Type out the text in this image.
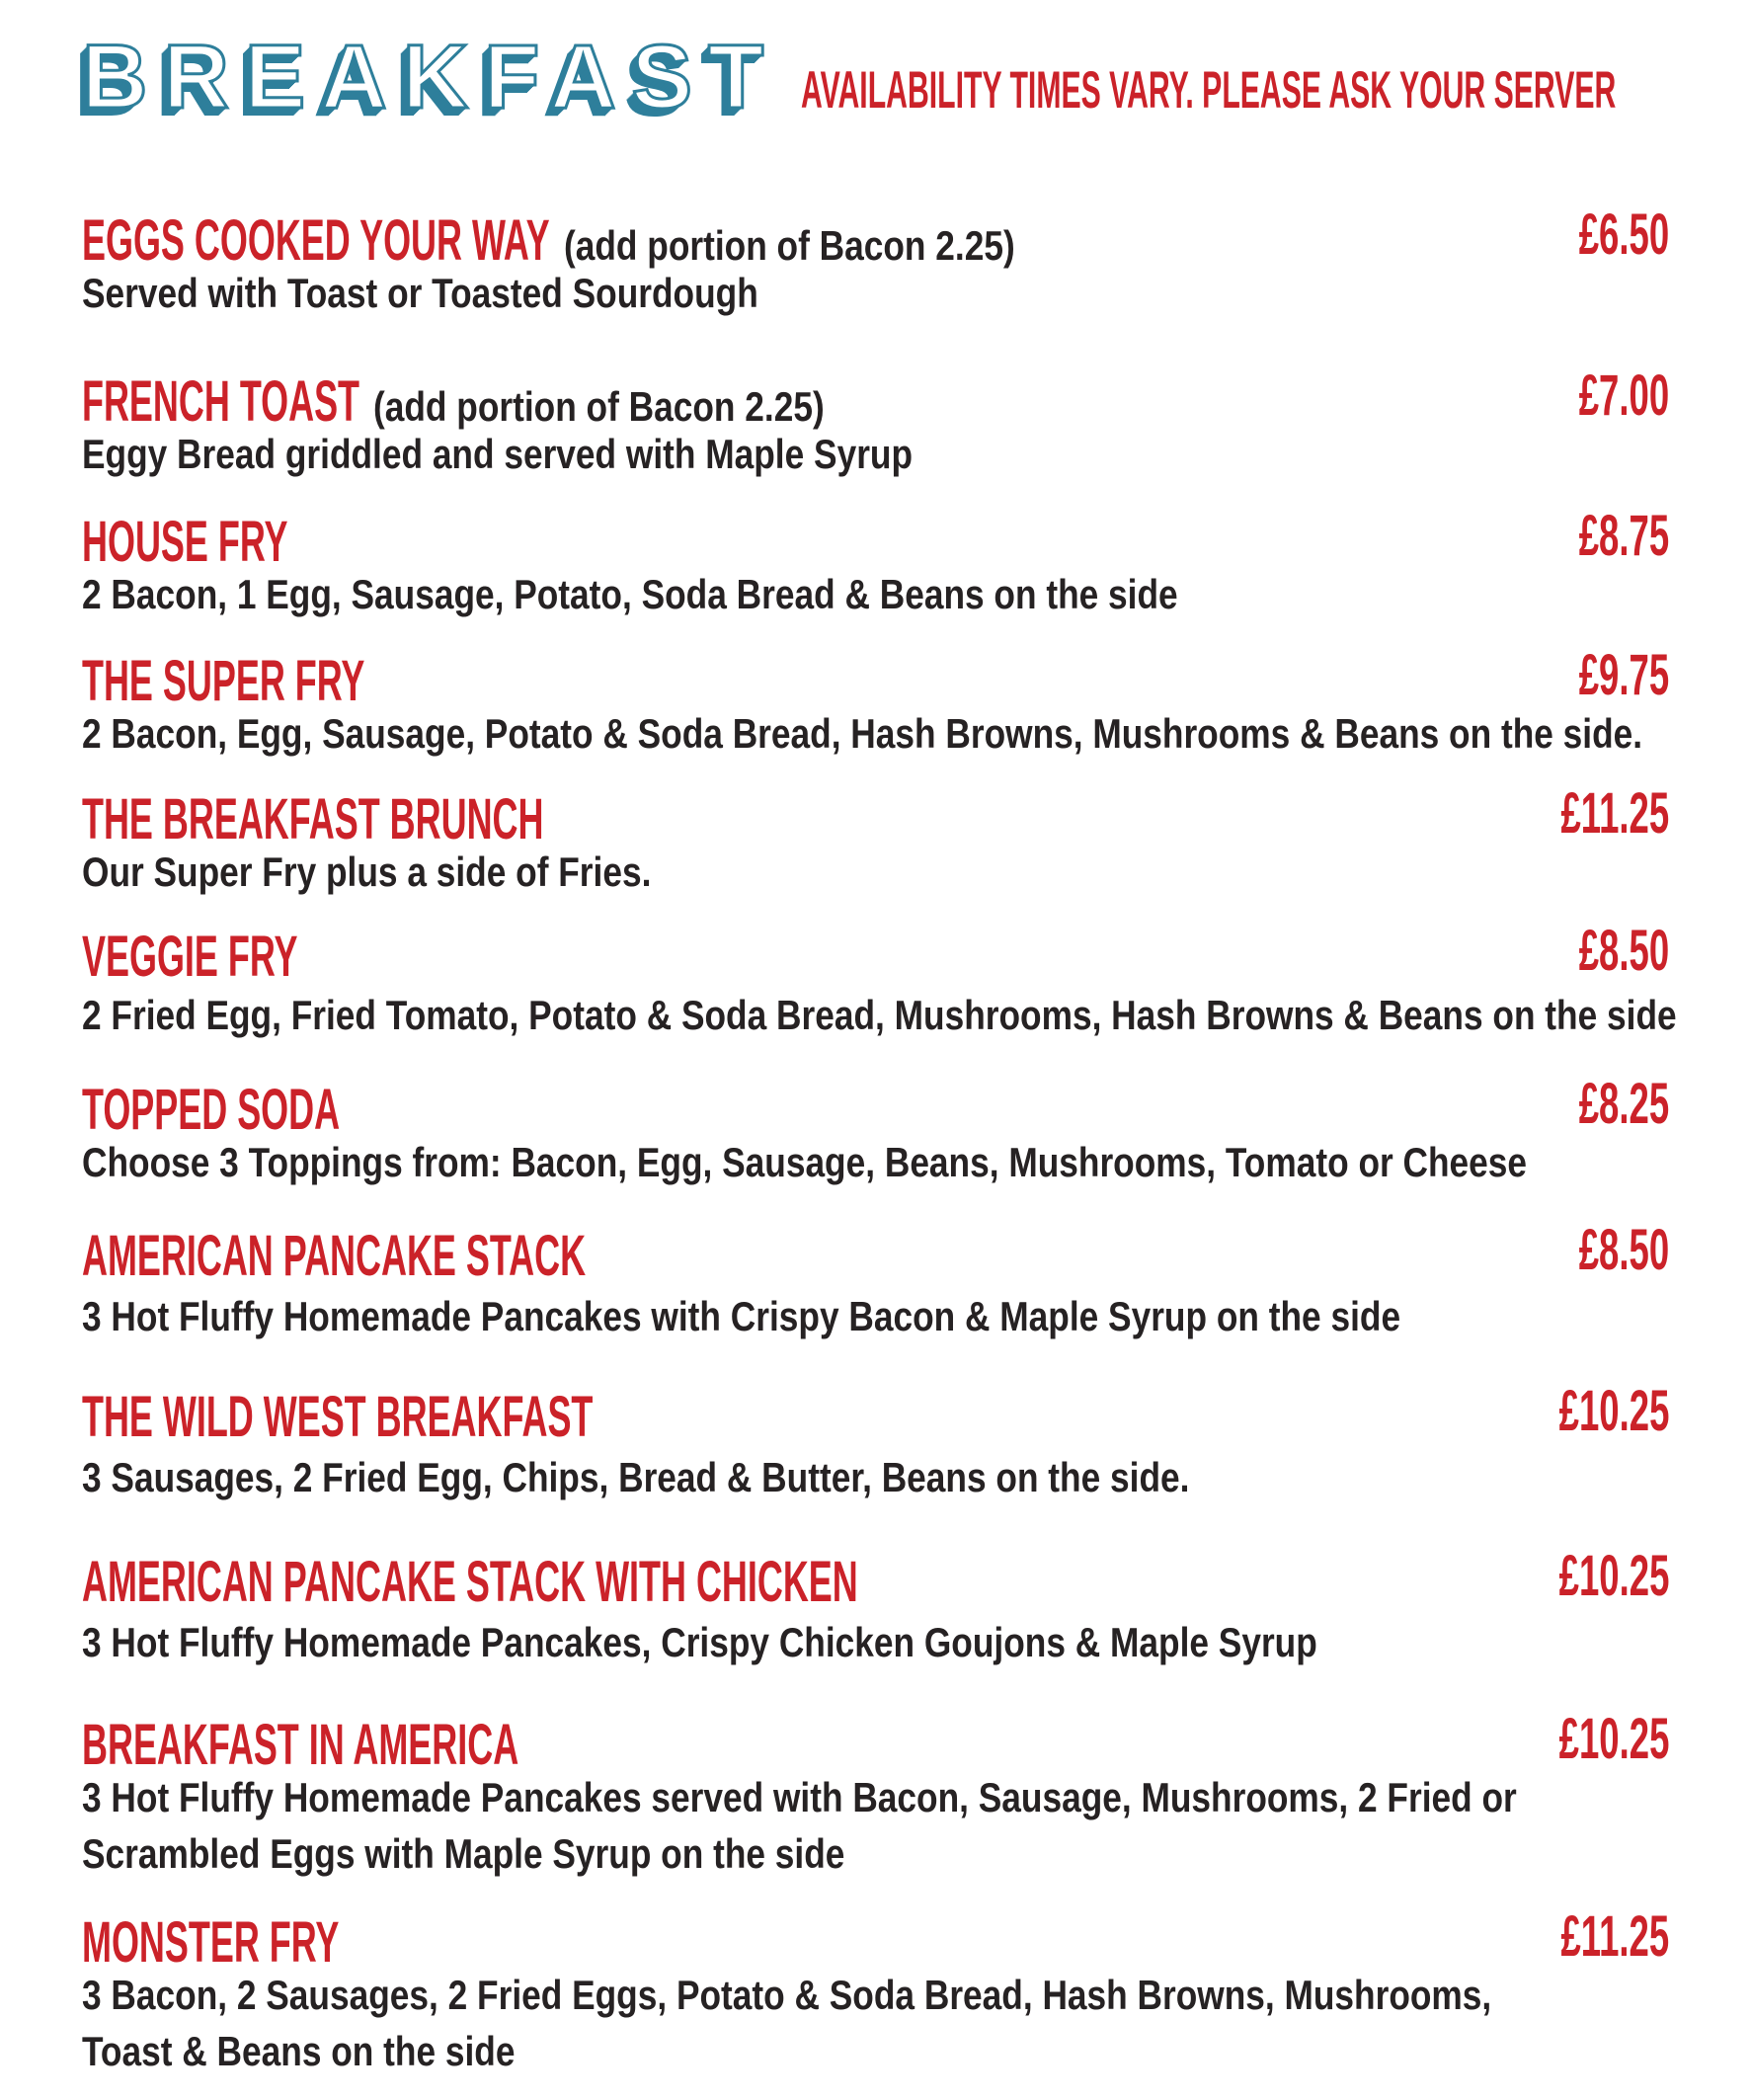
BREAKFAST AVAILABILITY TIMES VARY. PLEASE ASK YOUR SERVER
EGGS COOKED YOUR WAY (add portion of Bacon 2.25)	£6.50
Served with Toast or Toasted Sourdough
FRENCH TOAST (add portion of Bacon 2.25)	£7.00
Eggy Bread griddled and served with Maple Syrup
HOUSE FRY	£8.75
2 Bacon, 1 Egg, Sausage, Potato, Soda Bread & Beans on the side
THE SUPER FRY	£9.75
2 Bacon, Egg, Sausage, Potato & Soda Bread, Hash Browns, Mushrooms & Beans on the side.
THE BREAKFAST BRUNCH	£11.25
Our Super Fry plus a side of Fries.
VEGGIE FRY	£8.50
2 Fried Egg, Fried Tomato, Potato & Soda Bread, Mushrooms, Hash Browns & Beans on the side
TOPPED SODA	£8.25
Choose 3 Toppings from: Bacon, Egg, Sausage, Beans, Mushrooms, Tomato or Cheese
AMERICAN PANCAKE STACK	£8.50
3 Hot Fluffy Homemade Pancakes with Crispy Bacon & Maple Syrup on the side
THE WILD WEST BREAKFAST	£10.25
3 Sausages, 2 Fried Egg, Chips, Bread & Butter, Beans on the side.
AMERICAN PANCAKE STACK WITH CHICKEN	£10.25
3 Hot Fluffy Homemade Pancakes, Crispy Chicken Goujons & Maple Syrup
BREAKFAST IN AMERICA	£10.25
3 Hot Fluffy Homemade Pancakes served with Bacon, Sausage, Mushrooms, 2 Fried or
Scrambled Eggs with Maple Syrup on the side
MONSTER FRY	£11.25
3 Bacon, 2 Sausages, 2 Fried Eggs, Potato & Soda Bread, Hash Browns, Mushrooms,
Toast & Beans on the side
